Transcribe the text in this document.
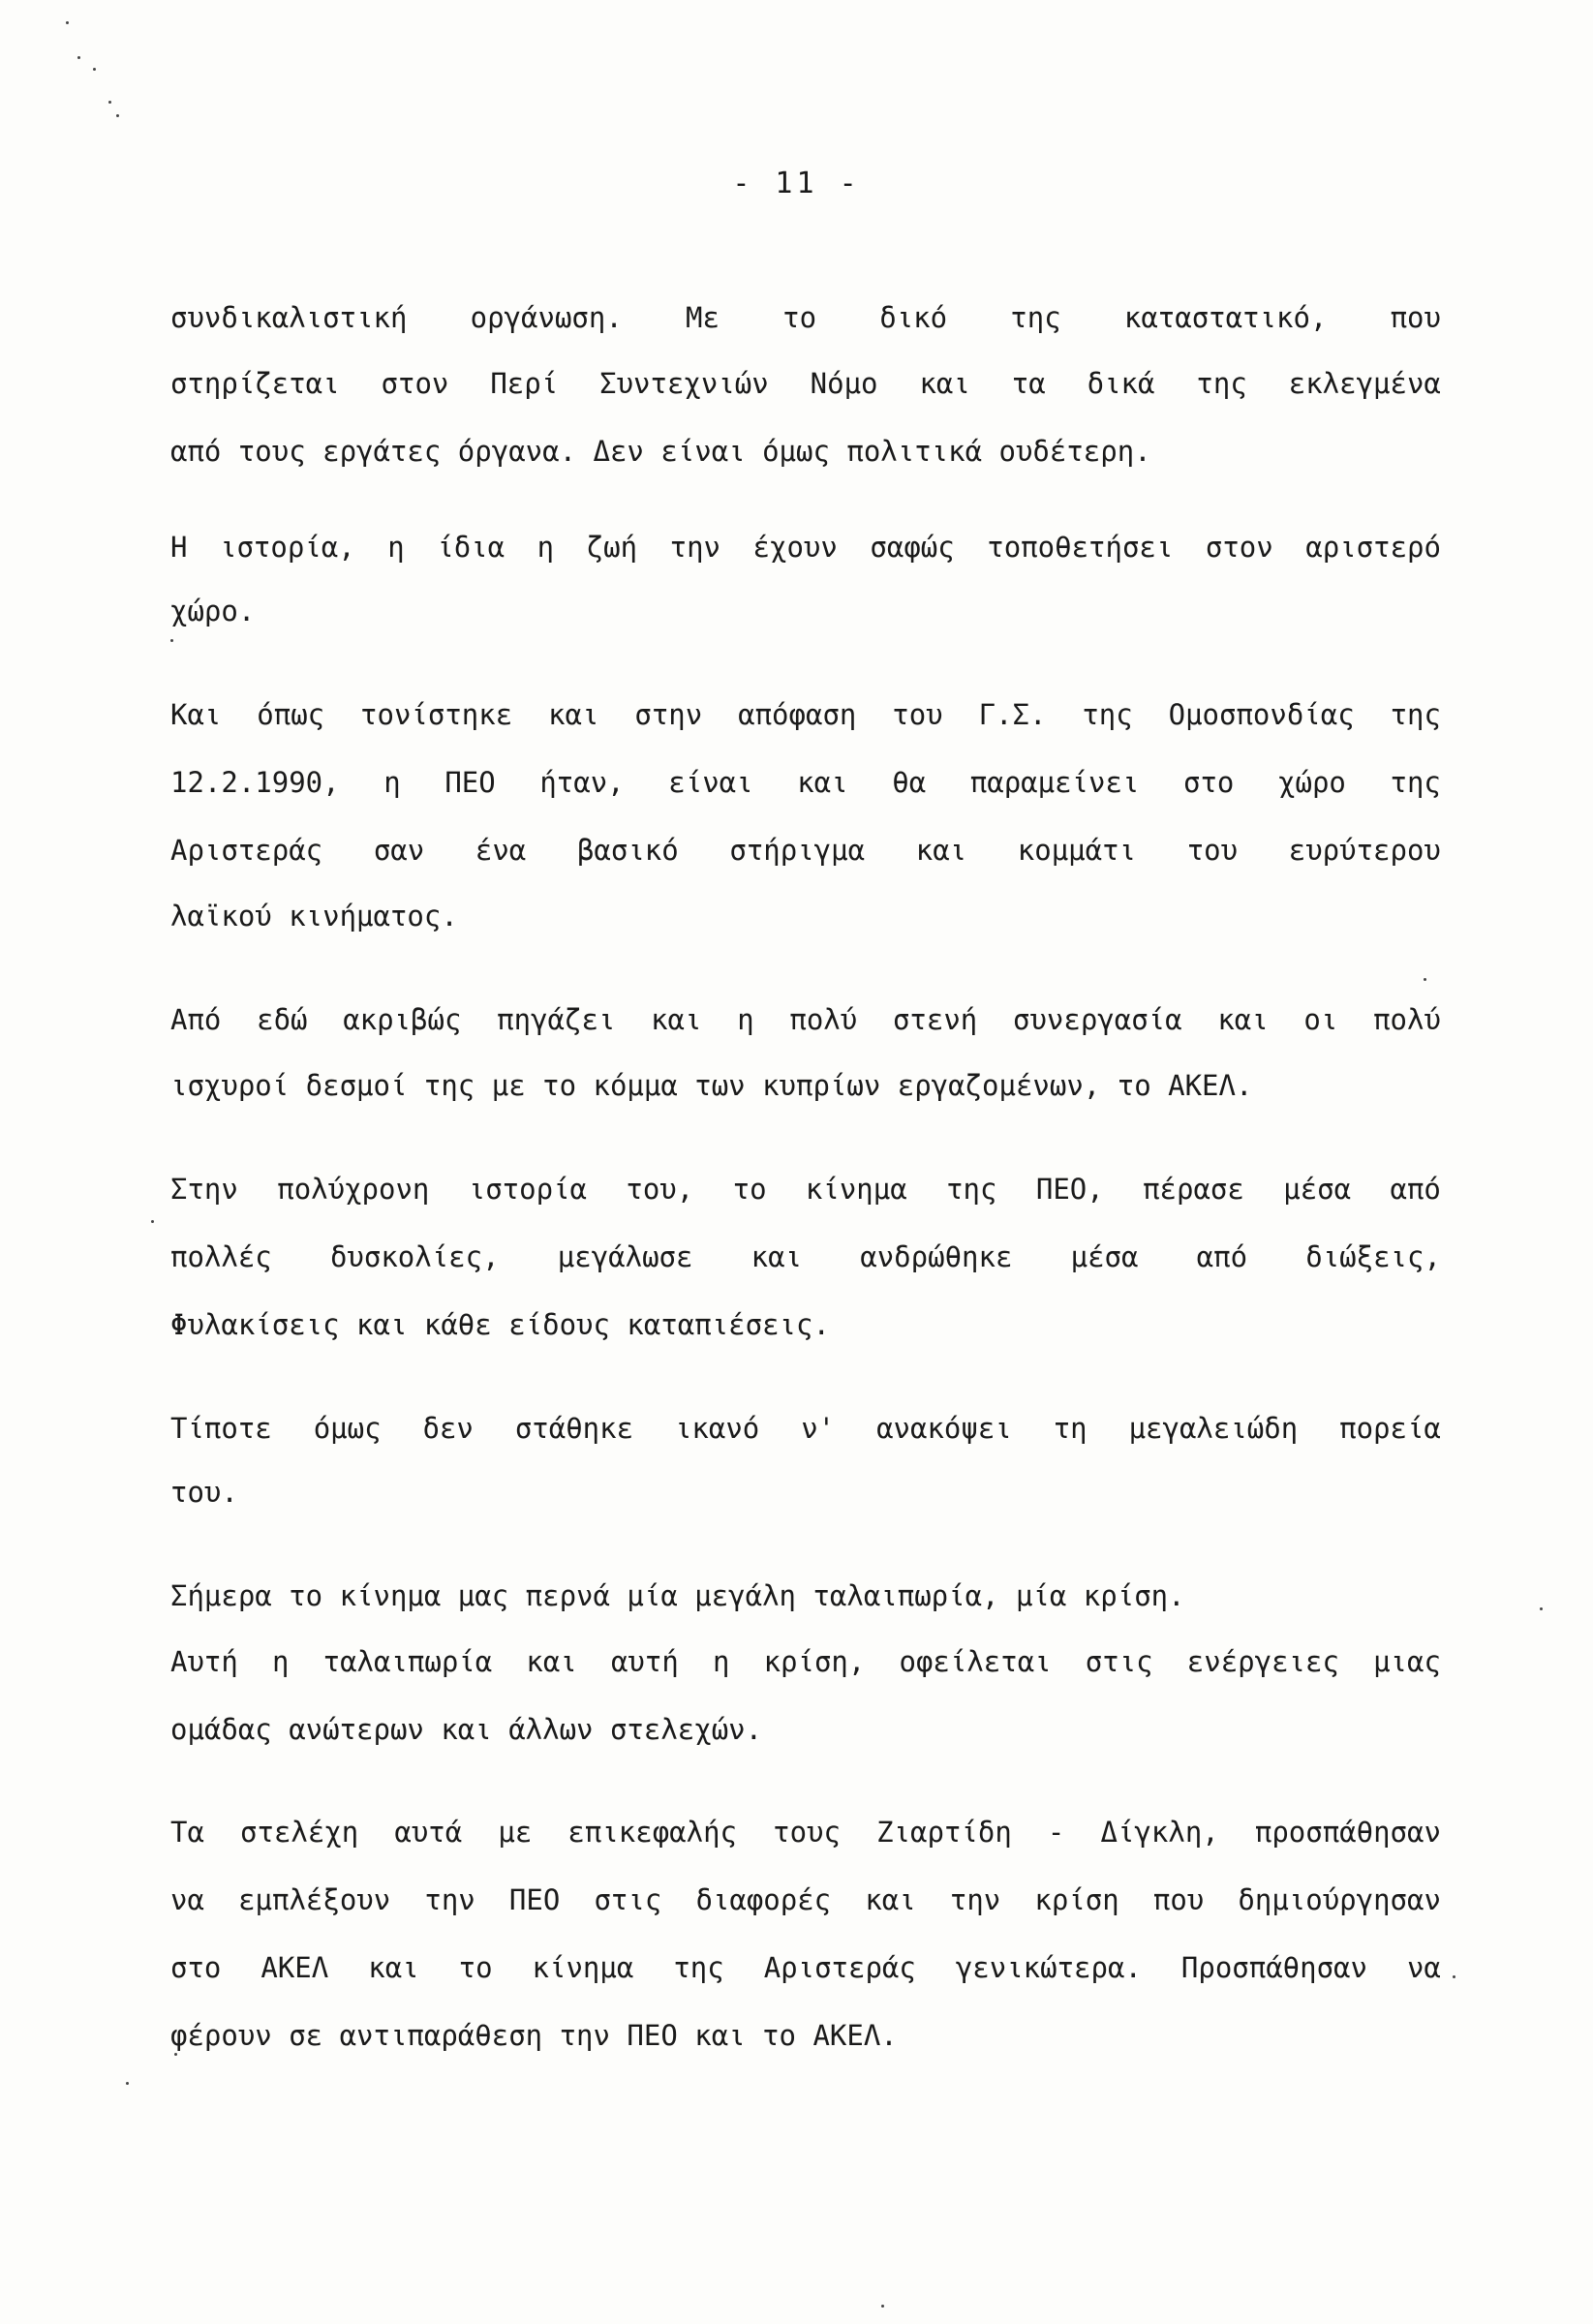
- 11 -
συνδικαλιστική οργάνωση. Με το δικό της καταστατικό, που
στηρίζεται στον Περί Συντεχνιών Νόμο και τα δικά της εκλεγμένα
από τους εργάτες όργανα. Δεν είναι όμως πολιτικά ουδέτερη.
Η ιστορία, η ίδια η ζωή την έχουν σαφώς τοποθετήσει στον αριστερό
χώρο.
Και όπως τονίστηκε και στην απόφαση του Γ.Σ. της Ομοσπονδίας της
12.2.1990, η ΠΕΟ ήταν, είναι και θα παραμείνει στο χώρο της
Αριστεράς σαν ένα βασικό στήριγμα και κομμάτι του ευρύτερου
λαϊκού κινήματος.
Από εδώ ακριβώς πηγάζει και η πολύ στενή συνεργασία και οι πολύ
ισχυροί δεσμοί της με το κόμμα των κυπρίων εργαζομένων, το ΑΚΕΛ.
Στην πολύχρονη ιστορία του, το κίνημα της ΠΕΟ, πέρασε μέσα από
πολλές δυσκολίες, μεγάλωσε και ανδρώθηκε μέσα από διώξεις,
Φυλακίσεις και κάθε είδους καταπιέσεις.
Τίποτε όμως δεν στάθηκε ικανό ν' ανακόψει τη μεγαλειώδη πορεία
του.
Σήμερα το κίνημα μας περνά μία μεγάλη ταλαιπωρία, μία κρίση.
Αυτή η ταλαιπωρία και αυτή η κρίση, οφείλεται στις ενέργειες μιας
ομάδας ανώτερων και άλλων στελεχών.
Τα στελέχη αυτά με επικεφαλής τους Ζιαρτίδη - Δίγκλη, προσπάθησαν
να εμπλέξουν την ΠΕΟ στις διαφορές και την κρίση που δημιούργησαν
στο ΑΚΕΛ και το κίνημα της Αριστεράς γενικώτερα. Προσπάθησαν να
φέρουν σε αντιπαράθεση την ΠΕΟ και το ΑΚΕΛ.
